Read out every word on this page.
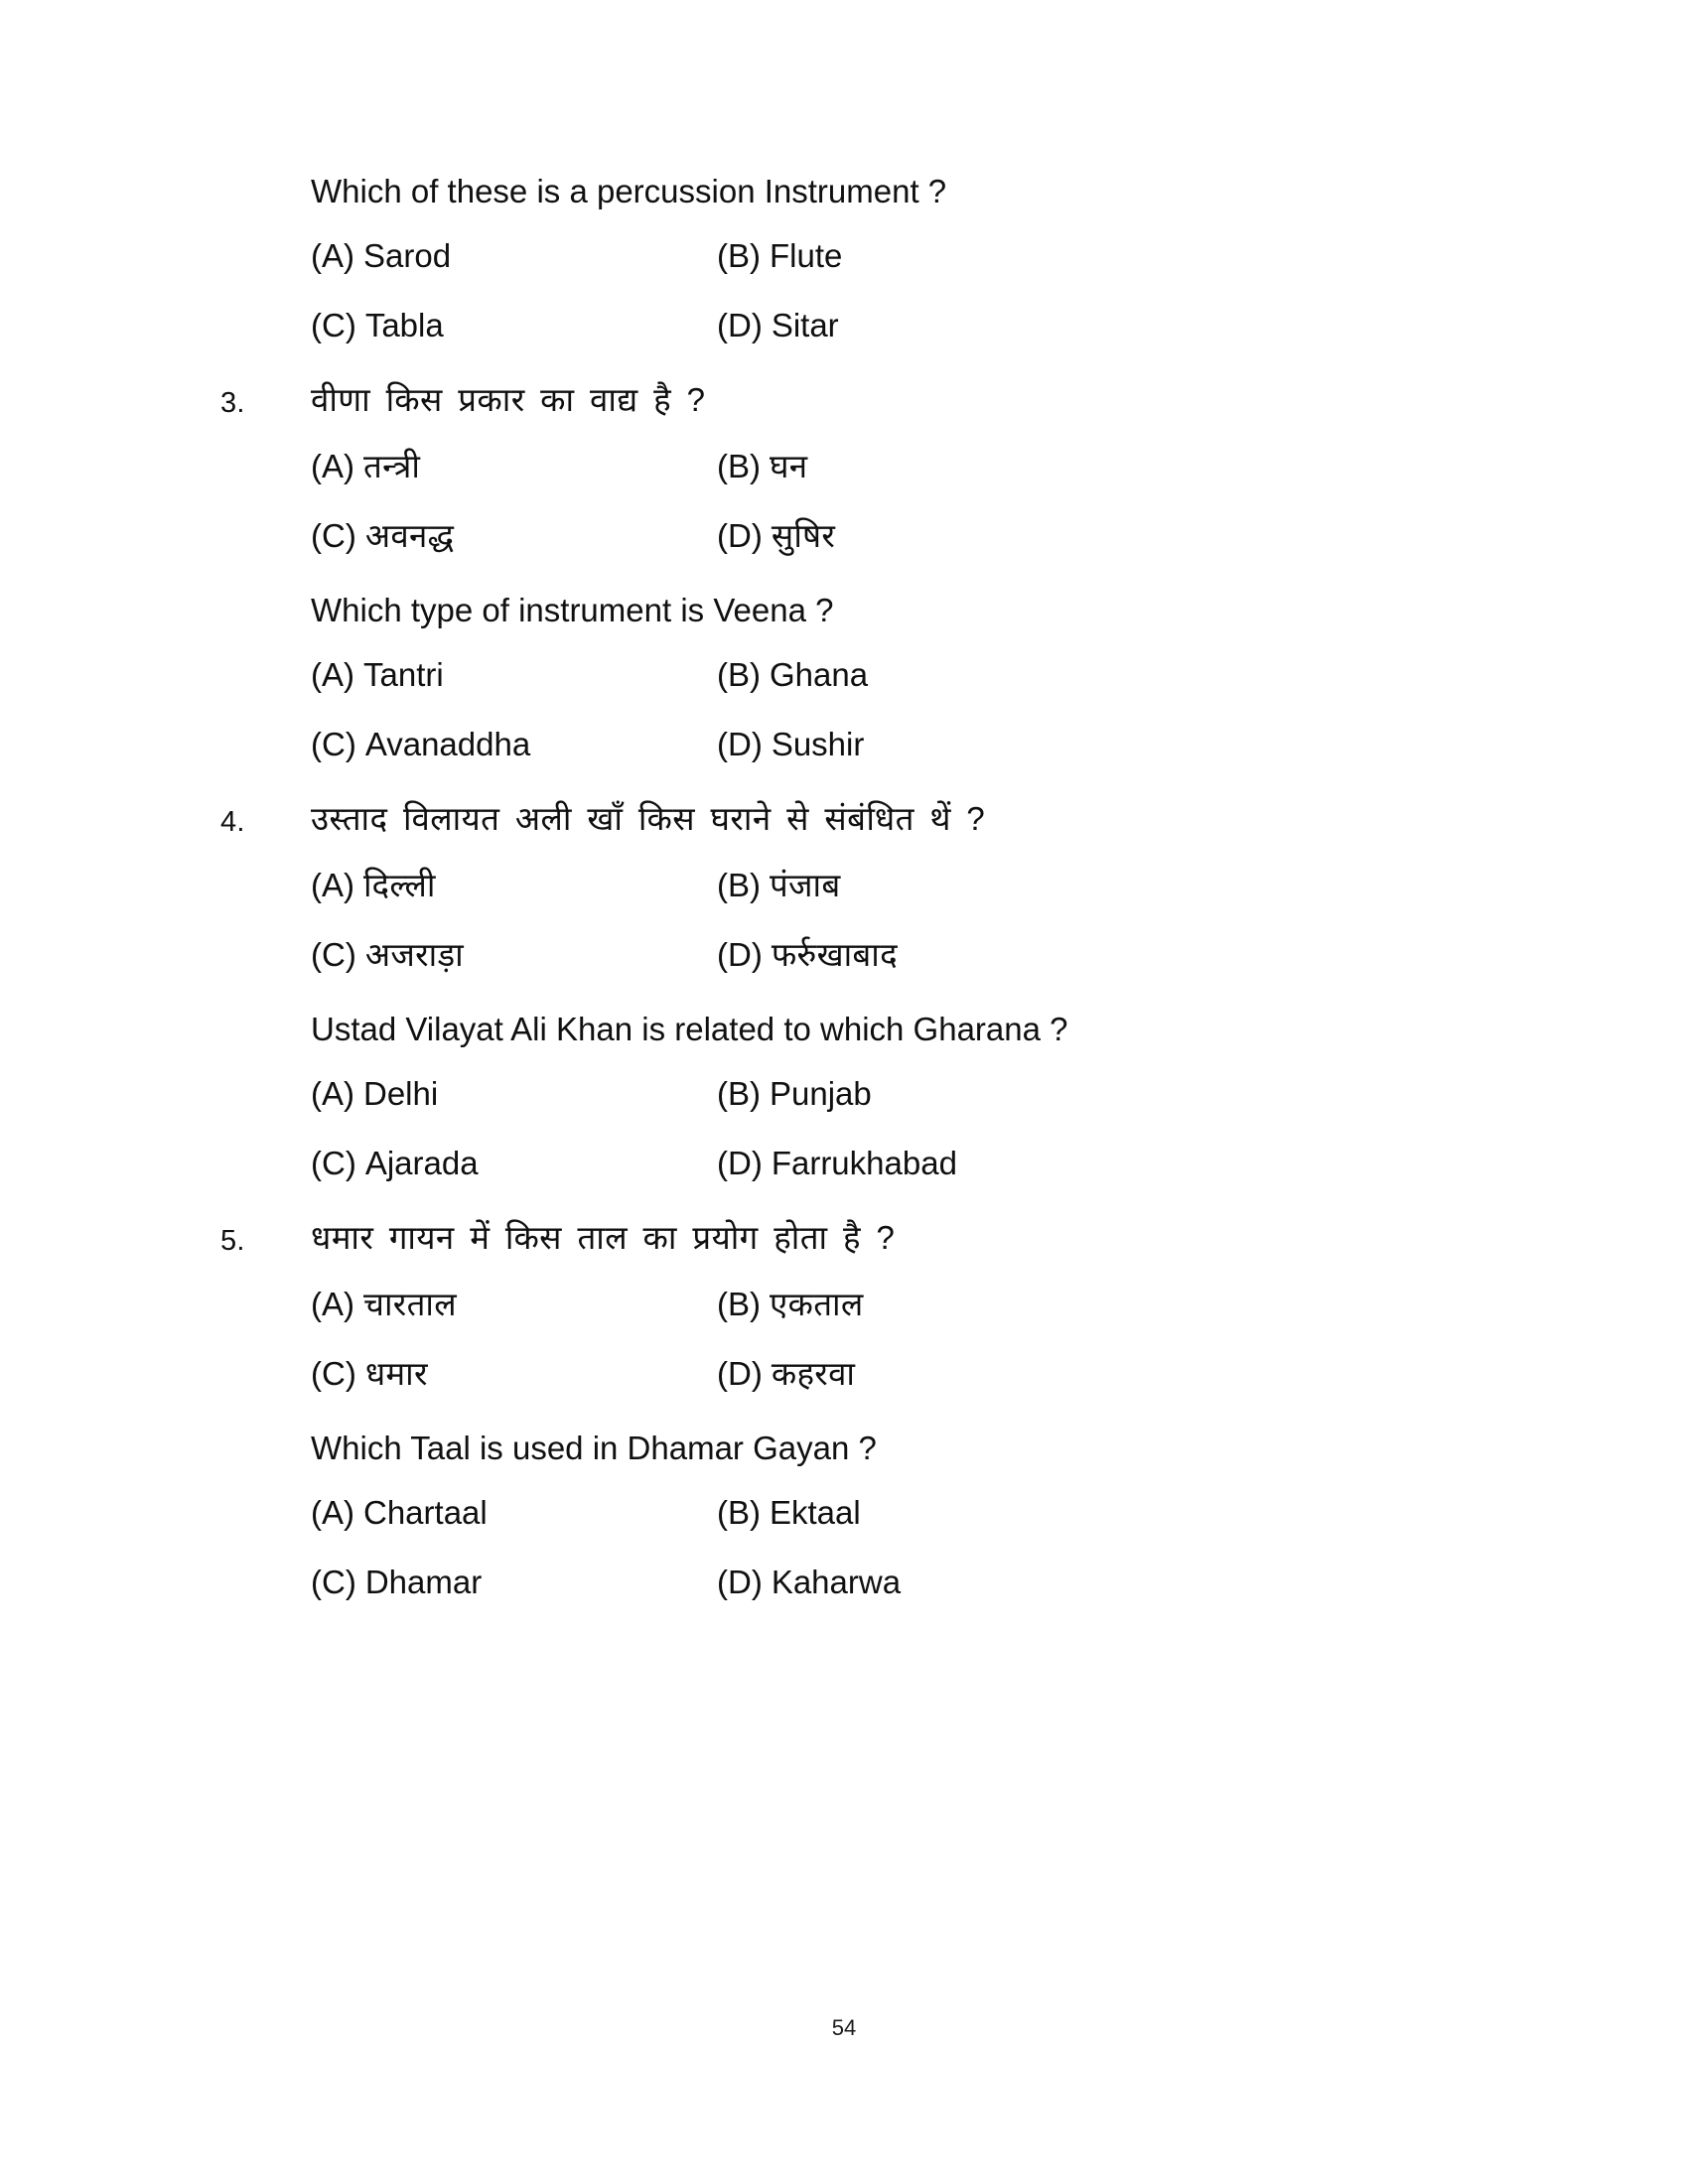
Which of these is a percussion Instrument ?
(A) Sarod	(B) Flute
(C) Tabla	(D) Sitar
3.	वीणा किस प्रकार का वाद्य है ?
(A) तन्त्री	(B) घन
(C) अवनद्ध	(D) सुषिर
Which type of instrument is Veena ?
(A) Tantri	(B) Ghana
(C) Avanaddha	(D) Sushir
4.	उस्ताद विलायत अली खाँ किस घराने से संबंधित थें ?
(A) दिल्ली	(B) पंजाब
(C) अजराड़ा	(D) फर्रुखाबाद
Ustad Vilayat Ali Khan is related to which Gharana ?
(A) Delhi	(B) Punjab
(C) Ajarada	(D) Farrukhabad
5.	धमार गायन में किस ताल का प्रयोग होता है ?
(A) चारताल	(B) एकताल
(C) धमार	(D) कहरवा
Which Taal is used in Dhamar Gayan ?
(A) Chartaal	(B) Ektaal
(C) Dhamar	(D) Kaharwa
54
